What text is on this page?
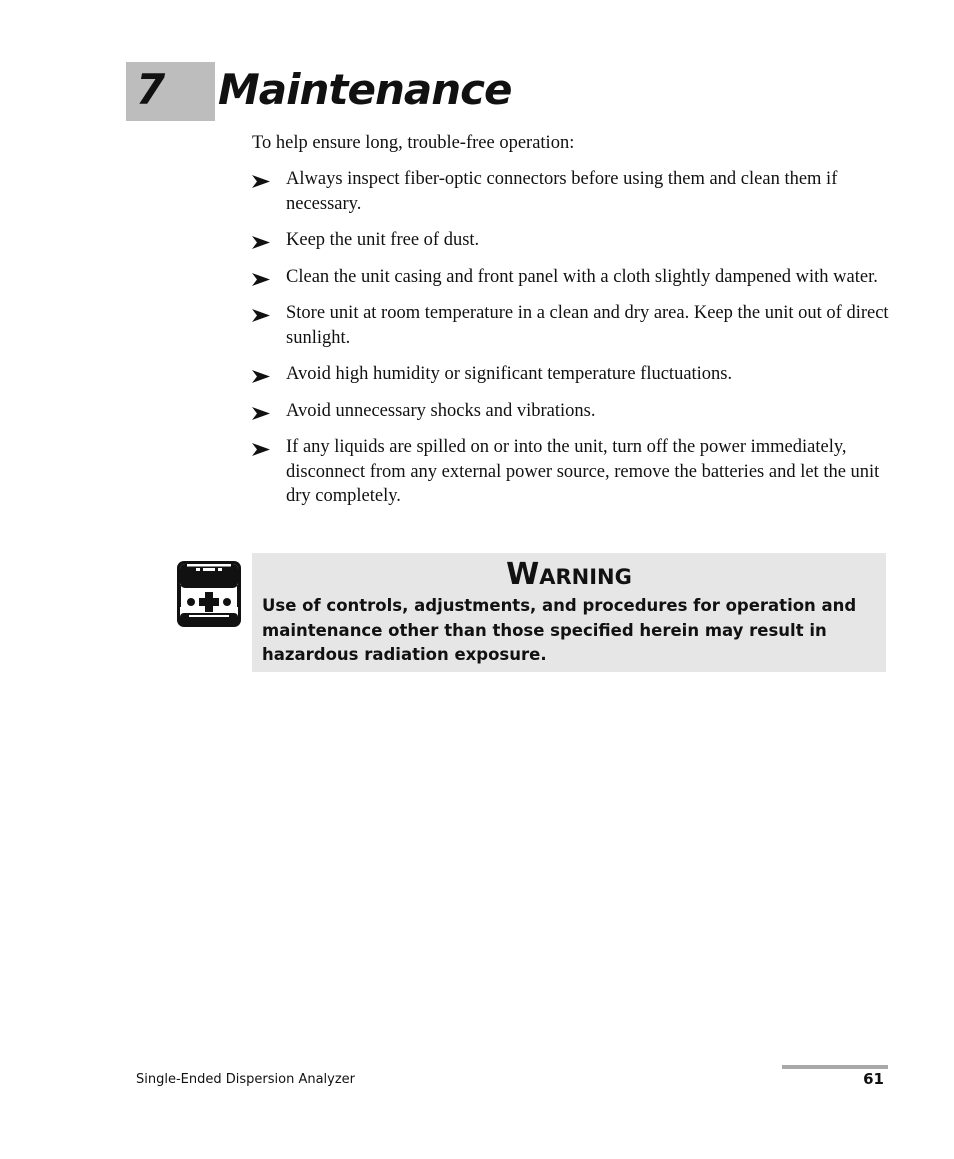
7 Maintenance

To help ensure long, trouble-free operation:

Always inspect fiber-optic connectors before using them and clean them if necessary.
Keep the unit free of dust.
Clean the unit casing and front panel with a cloth slightly dampened with water.
Store unit at room temperature in a clean and dry area. Keep the unit out of direct sunlight.
Avoid high humidity or significant temperature fluctuations.
Avoid unnecessary shocks and vibrations.
If any liquids are spilled on or into the unit, turn off the power immediately, disconnect from any external power source, remove the batteries and let the unit dry completely.
Warning

Use of controls, adjustments, and procedures for operation and maintenance other than those specified herein may result in hazardous radiation exposure.

Single-Ended Dispersion Analyzer	61
